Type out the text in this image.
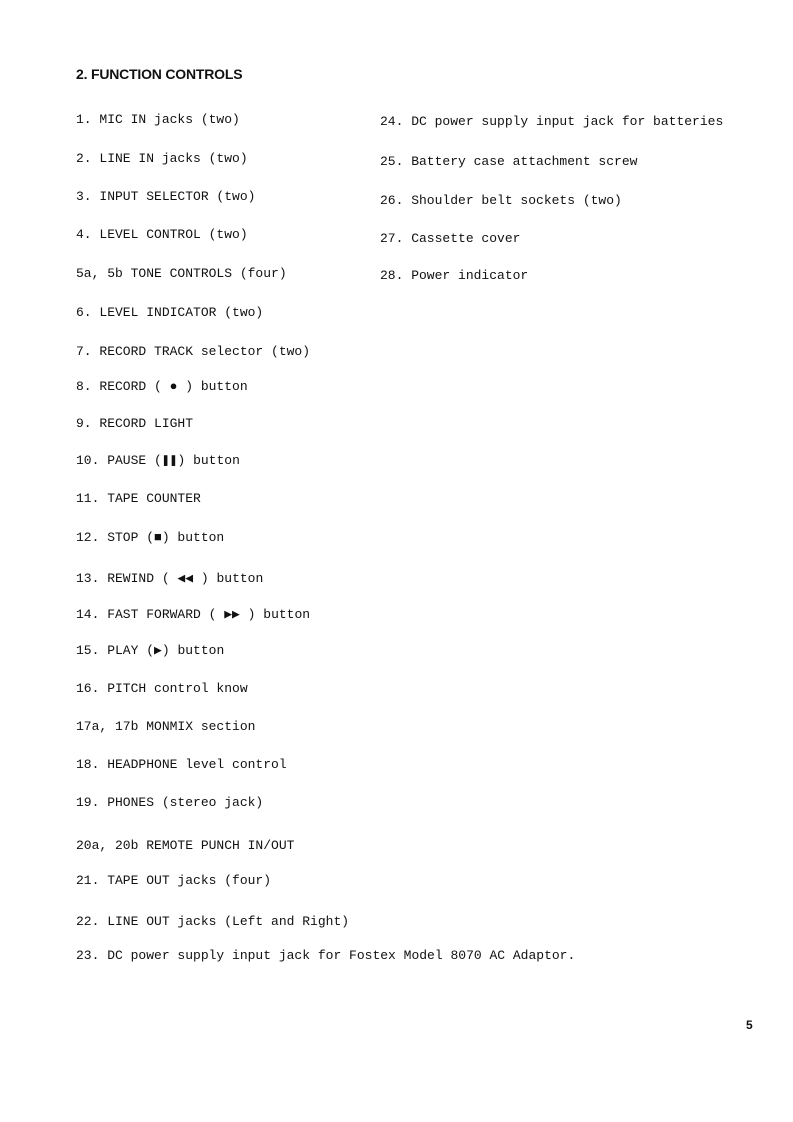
2. FUNCTION CONTROLS
1. MIC IN jacks (two)
2. LINE IN jacks (two)
3. INPUT SELECTOR (two)
4. LEVEL CONTROL (two)
5a, 5b TONE CONTROLS (four)
6. LEVEL INDICATOR (two)
7. RECORD TRACK selector (two)
8. RECORD ( ● ) button
9. RECORD LIGHT
10. PAUSE (❚❚) button
11. TAPE COUNTER
12. STOP (■) button
13. REWIND ( ◀◀ ) button
14. FAST FORWARD ( ▶▶ ) button
15. PLAY (▶) button
16. PITCH control know
17a, 17b MONMIX section
18. HEADPHONE level control
19. PHONES (stereo jack)
20a, 20b REMOTE PUNCH IN/OUT
21. TAPE OUT jacks (four)
22. LINE OUT jacks (Left and Right)
23. DC power supply input jack for Fostex Model 8070 AC Adaptor.
24. DC power supply input jack for batteries
25. Battery case attachment screw
26. Shoulder belt sockets (two)
27. Cassette cover
28. Power indicator
5
